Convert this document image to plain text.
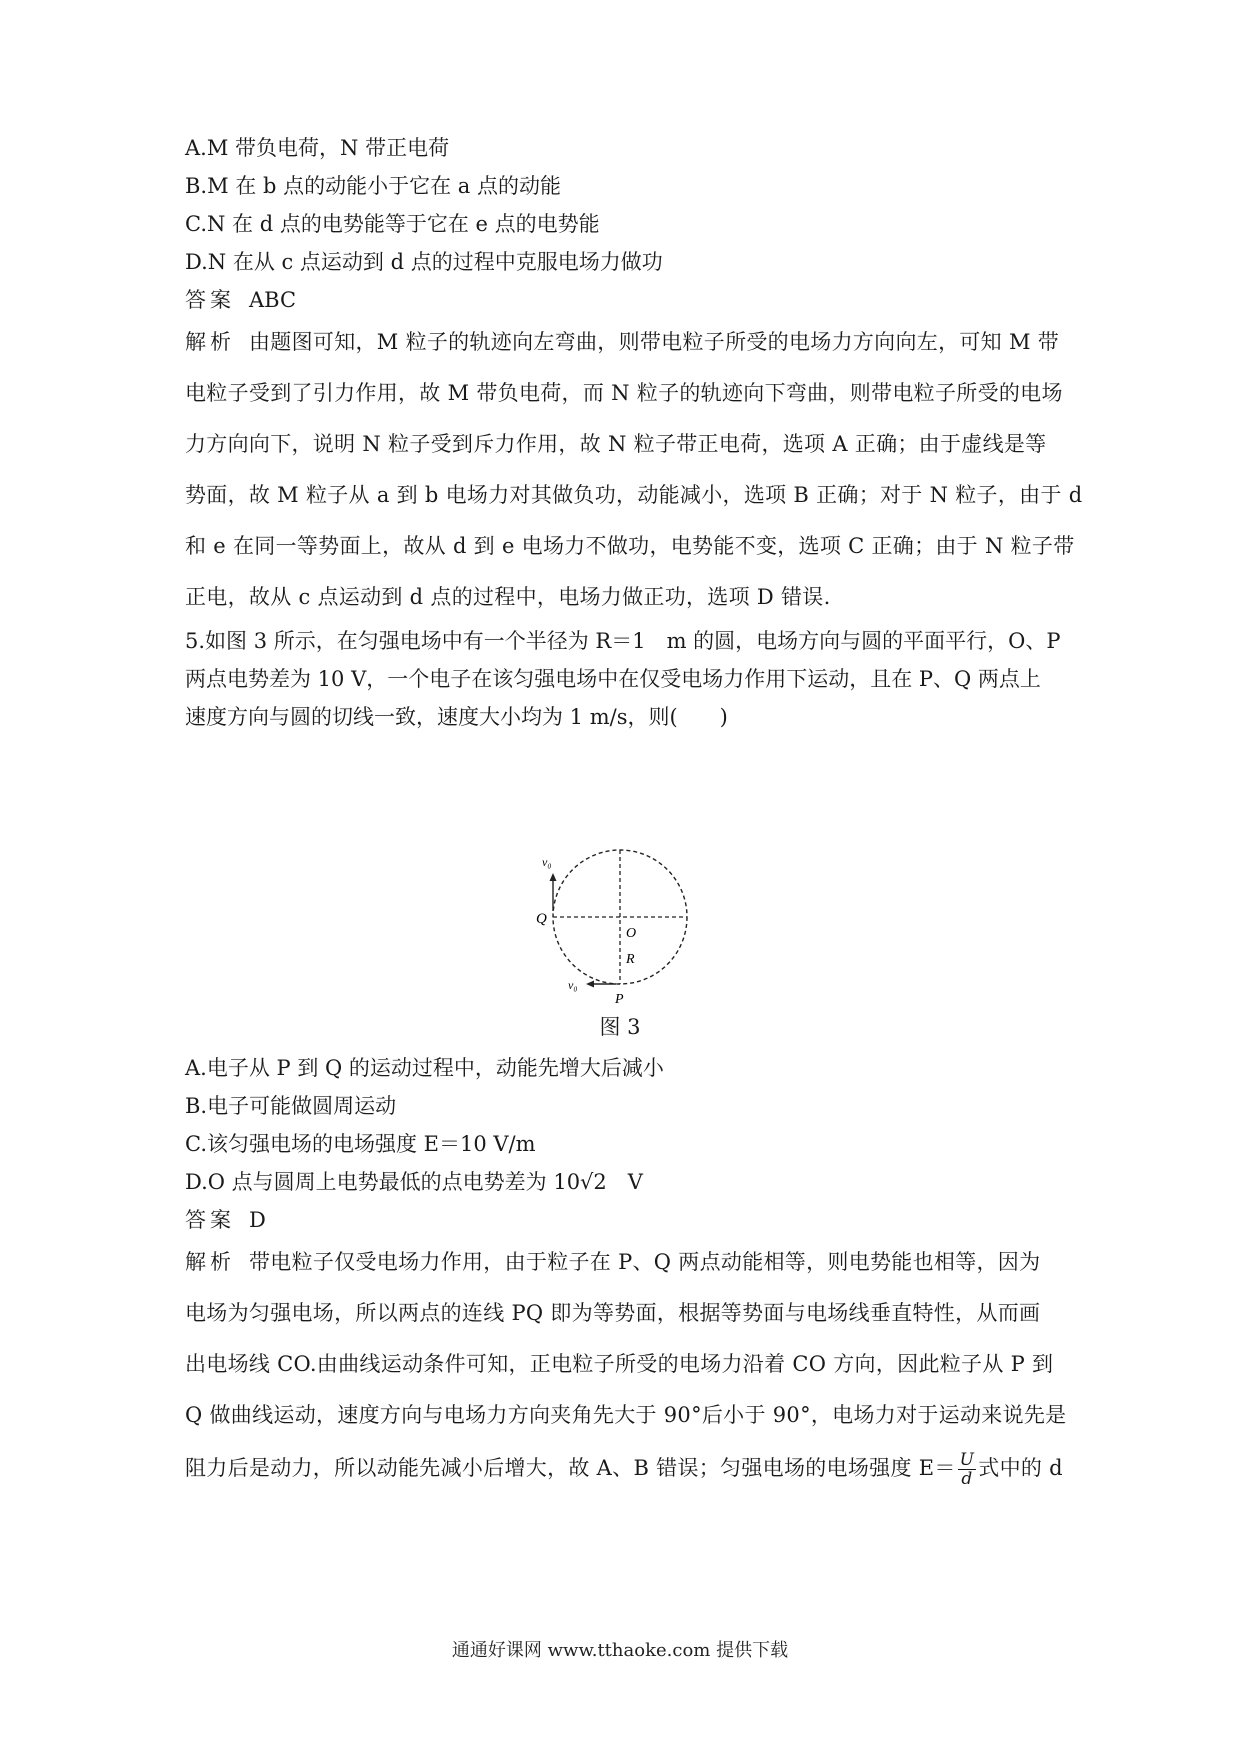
A.M 带负电荷，N 带正电荷
B.M 在 b 点的动能小于它在 a 点的动能
C.N 在 d 点的电势能等于它在 e 点的电势能
D.N 在从 c 点运动到 d 点的过程中克服电场力做功
答案 ABC
解析 由题图可知，M 粒子的轨迹向左弯曲，则带电粒子所受的电场力方向向左，可知 M 带
电粒子受到了引力作用，故 M 带负电荷，而 N 粒子的轨迹向下弯曲，则带电粒子所受的电场
力方向向下，说明 N 粒子受到斥力作用，故 N 粒子带正电荷，选项 A 正确；由于虚线是等
势面，故 M 粒子从 a 到 b 电场力对其做负功，动能减小，选项 B 正确；对于 N 粒子，由于 d
和 e 在同一等势面上，故从 d 到 e 电场力不做功，电势能不变，选项 C 正确；由于 N 粒子带
正电，故从 c 点运动到 d 点的过程中，电场力做正功，选项 D 错误.
5.如图 3 所示，在匀强电场中有一个半径为 R＝1　m 的圆，电场方向与圆的平面平行，O、P
两点电势差为 10 V，一个电子在该匀强电场中在仅受电场力作用下运动，且在 P、Q 两点上
速度方向与圆的切线一致，速度大小均为 1 m/s，则(　　)
v₀
Q
O
R
v₀
P
图 3
A.电子从 P 到 Q 的运动过程中，动能先增大后减小
B.电子可能做圆周运动
C.该匀强电场的电场强度 E＝10 V/m
D.O 点与圆周上电势最低的点电势差为 10√2　V
答案 D
解析 带电粒子仅受电场力作用，由于粒子在 P、Q 两点动能相等，则电势能也相等，因为
电场为匀强电场，所以两点的连线 PQ 即为等势面，根据等势面与电场线垂直特性，从而画
出电场线 CO.由曲线运动条件可知，正电粒子所受的电场力沿着 CO 方向，因此粒子从 P 到
Q 做曲线运动，速度方向与电场力方向夹角先大于 90°后小于 90°，电场力对于运动来说先是
阻力后是动力，所以动能先减小后增大，故 A、B 错误；匀强电场的电场强度 $E= \frac{U}{d}$ 式中的 d
通通好课网 www.tthaoke.com 提供下载
